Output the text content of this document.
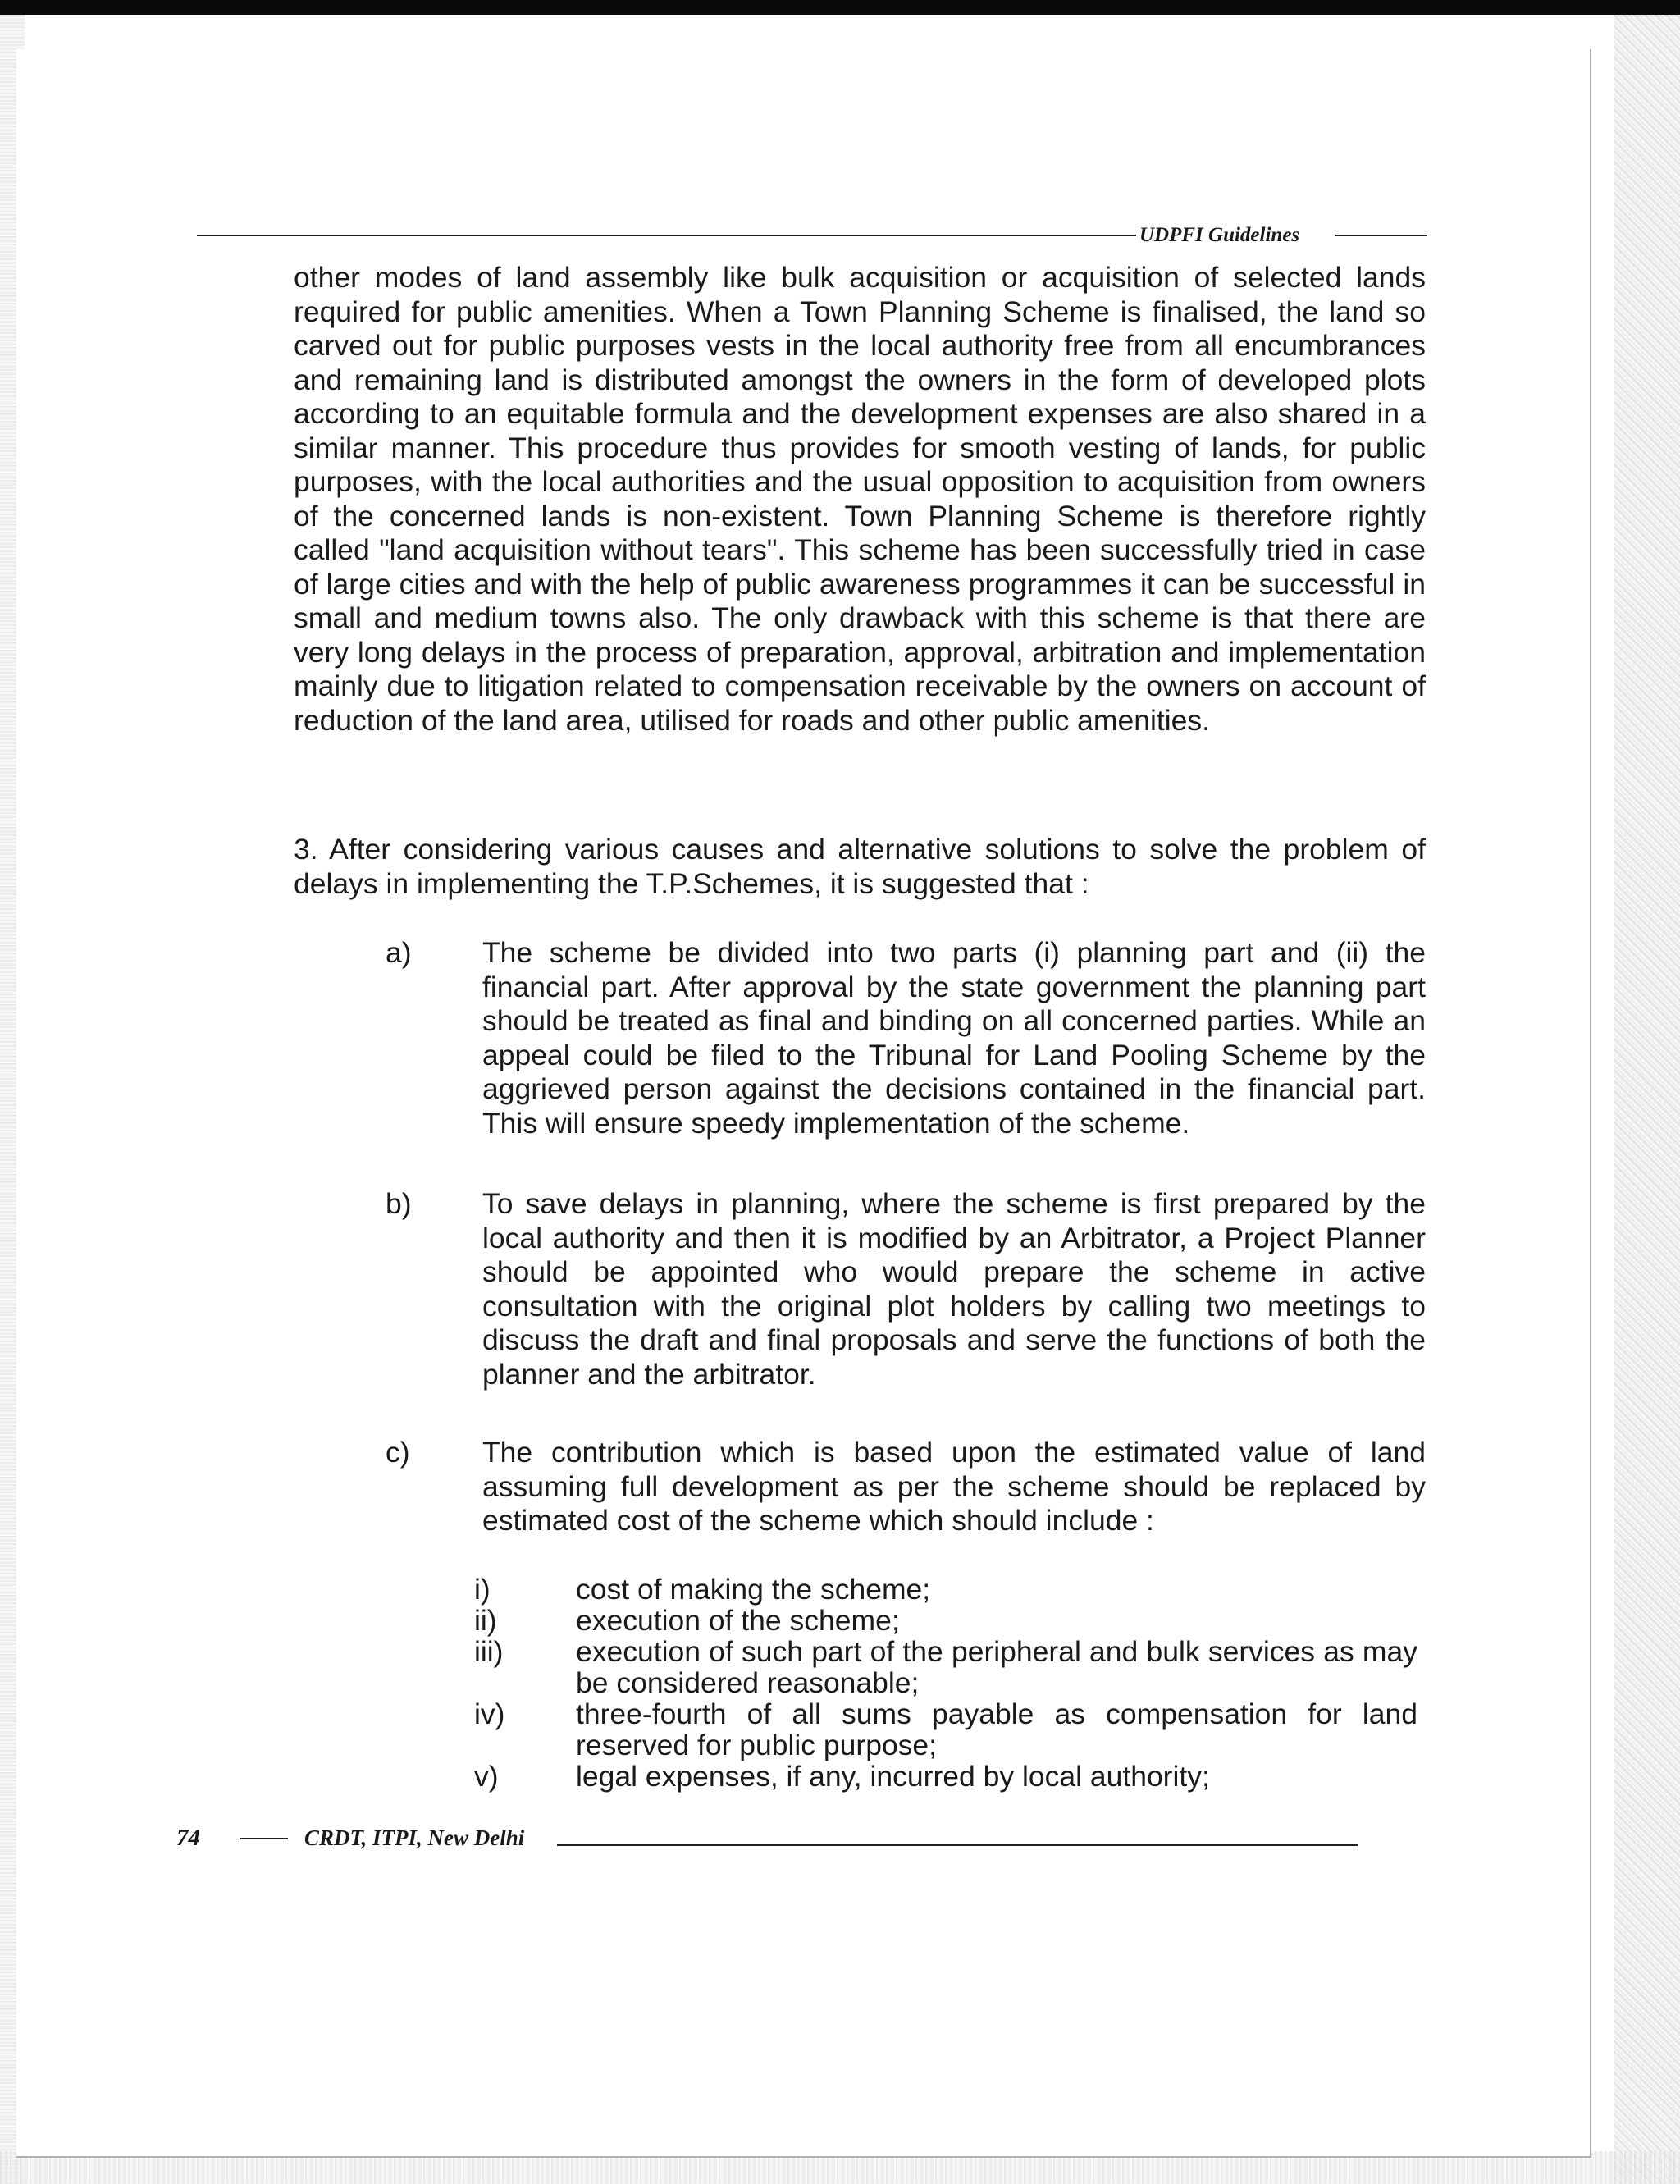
UDPFI Guidelines

other modes of land assembly like bulk acquisition or acquisition of selected lands required for public amenities. When a Town Planning Scheme is finalised, the land so carved out for public purposes vests in the local authority free from all encumbrances and remaining land is distributed amongst the owners in the form of developed plots according to an equitable formula and the development expenses are also shared in a similar manner. This procedure thus provides for smooth vesting of lands, for public purposes, with the local authorities and the usual opposition to acquisition from owners of the concerned lands is non-existent. Town Planning Scheme is therefore rightly called "land acquisition without tears". This scheme has been successfully tried in case of large cities and with the help of public awareness programmes it can be successful in small and medium towns also. The only drawback with this scheme is that there are very long delays in the process of preparation, approval, arbitration and implementation mainly due to litigation related to compensation receivable by the owners on account of reduction of the land area, utilised for roads and other public amenities.

3. After considering various causes and alternative solutions to solve the problem of delays in implementing the T.P.Schemes, it is suggested that :

a) The scheme be divided into two parts (i) planning part and (ii) the financial part. After approval by the state government the planning part should be treated as final and binding on all concerned parties. While an appeal could be filed to the Tribunal for Land Pooling Scheme by the aggrieved person against the decisions contained in the financial part. This will ensure speedy implementation of the scheme.

b) To save delays in planning, where the scheme is first prepared by the local authority and then it is modified by an Arbitrator, a Project Planner should be appointed who would prepare the scheme in active consultation with the original plot holders by calling two meetings to discuss the draft and final proposals and serve the functions of both the planner and the arbitrator.

c) The contribution which is based upon the estimated value of land assuming full development as per the scheme should be replaced by estimated cost of the scheme which should include :

i)	cost of making the scheme;

ii)	execution of the scheme;

iii) execution of such part of the peripheral and bulk services as may be considered reasonable;

iv) three-fourth of all sums payable as compensation for land reserved for public purpose;

v)	legal expenses, if any, incurred by local authority;

74	CRDT, ITPI, New Delhi
